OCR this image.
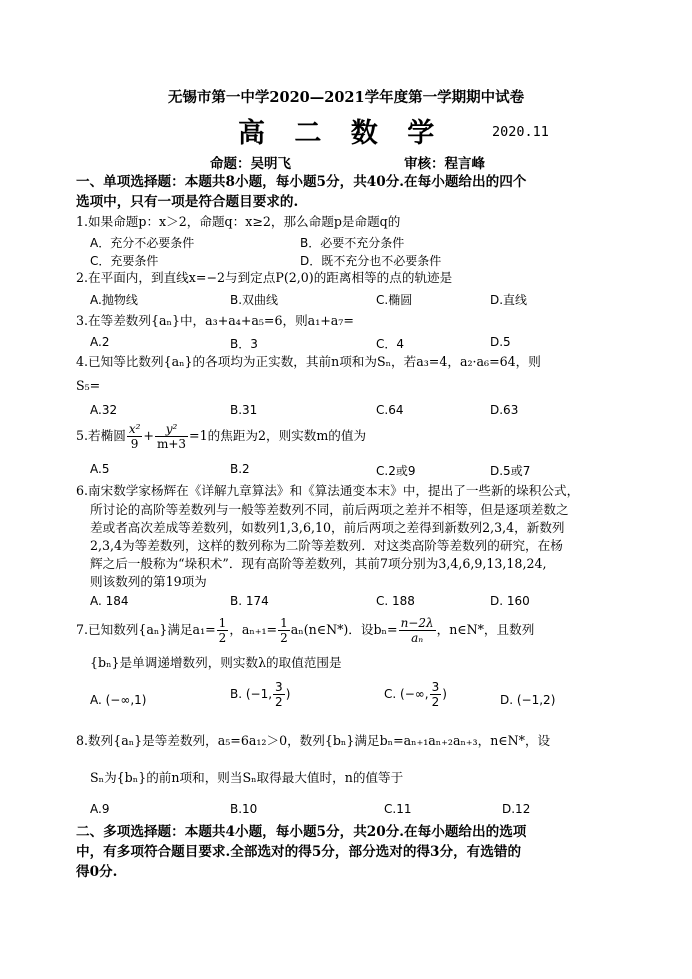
无锡市第一中学2020—2021学年度第一学期期中试卷
高 二 数 学	2020.11
命题：吴明飞	审核：程言峰
一、单项选择题：本题共8小题，每小题5分，共40分.在每小题给出的四个
选项中，只有一项是符合题目要求的.
1.如果命题p：x＞2，命题q：x≥2，那么命题p是命题q的
A．充分不必要条件	B．必要不充分条件
C．充要条件	D．既不充分也不必要条件
2.在平面内，到直线x=−2与到定点P(2,0)的距离相等的点的轨迹是
A.抛物线	B.双曲线	C.椭圆	D.直线
3.在等差数列{aₙ}中，a₃+a₄+a₅=6，则a₁+a₇=
A.2	B．3	C．4	D.5
4.已知等比数列{aₙ}的各项均为正实数，其前n项和为Sₙ，若a₃=4，a₂·a₆=64，则
S₅=
A.32	B.31	C.64	D.63
5.若椭圆 $\frac{\text{x²}}{9} + \frac{\text{y²}}{m+3} =1$的焦距为2，则实数m的值为
A.5	B.2	C.2或9	D.5或7
6.南宋数学家杨辉在《详解九章算法》和《算法通变本末》中，提出了一些新的垛积公式，
所讨论的高阶等差数列与一般等差数列不同，前后两项之差并不相等，但是逐项差数之
差或者高次差成等差数列，如数列1,3,6,10，前后两项之差得到新数列2,3,4，新数列
2,3,4为等差数列，这样的数列称为二阶等差数列．对这类高阶等差数列的研究，在杨
辉之后一般称为“垛积术”．现有高阶等差数列，其前7项分别为3,4,6,9,13,18,24,
则该数列的第19项为
A. 184	B. 174	C. 188	D. 160
7.已知数列{aₙ}满足$a_1= \frac{1}{2}$ ，$a_{n+1}= \frac{1}{2}$ aₙ(n∈N*)．设$b_n= \frac{n-2\lambda}{\text{aₙ}}$ ，n∈N*，且数列
{bₙ}是单调递增数列，则实数λ的取值范围是
A. (−∞,1)	B. (−1, $\frac{3}{2}$ )	C. (−∞, $\frac{3}{2}$ )	D. (−1,2)
8.数列{aₙ}是等差数列，a₅=6a₁₂＞0，数列{bₙ}满足bₙ=aₙ₊₁aₙ₊₂aₙ₊₃，n∈N*，设
Sₙ为{bₙ}的前n项和，则当Sₙ取得最大值时，n的值等于
A.9	B.10	C.11	D.12
二、多项选择题：本题共4小题，每小题5分，共20分.在每小题给出的选项
中，有多项符合题目要求.全部选对的得5分，部分选对的得3分，有选错的
得0分.
